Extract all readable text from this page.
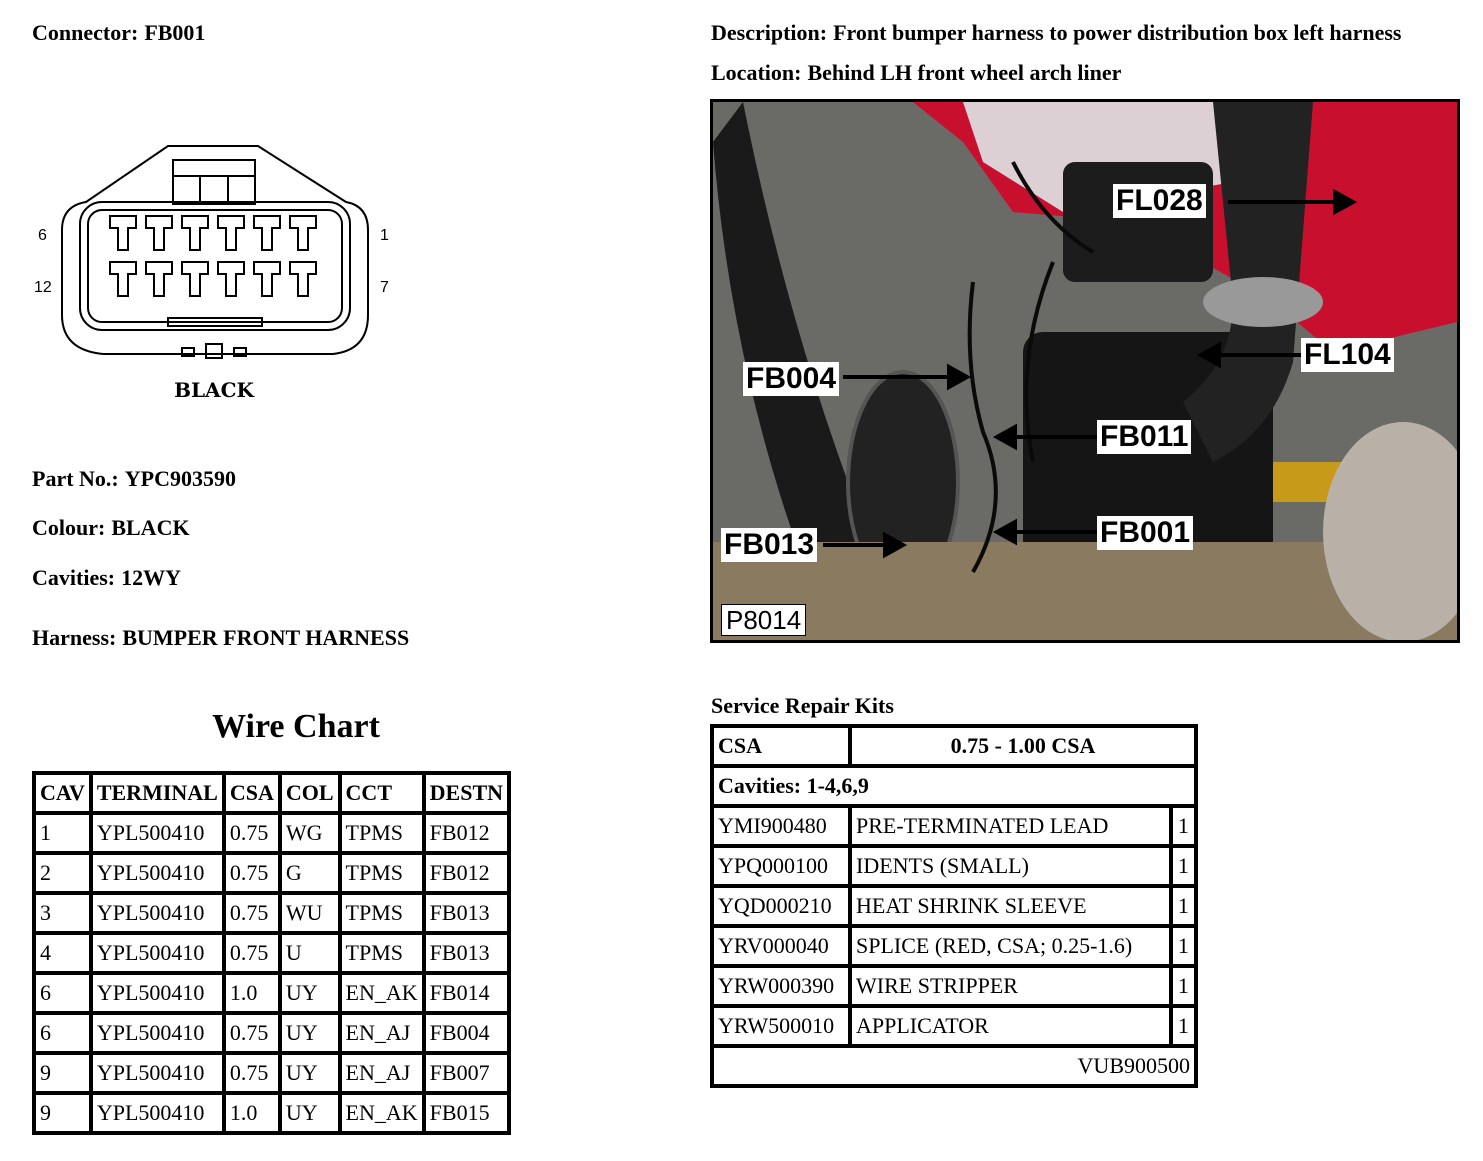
Connector: FB001	Description: Front bumper harness to power distribution box left harness
Location: Behind LH front wheel arch liner
6
12
1
7
BLACK
Part No.: YPC903590
Colour: BLACK
Cavities: 12WY
Harness: BUMPER FRONT HARNESS
FL028
FL104
FB004
FB011
FB013	FB001
P8014
Wire Chart
CAV	TERMINAL	CSA	COL	CCT	DESTN
1	YPL500410	0.75	WG	TPMS	FB012
2	YPL500410	0.75	G	TPMS	FB012
3	YPL500410	0.75	WU	TPMS	FB013
4	YPL500410	0.75	U	TPMS	FB013
6	YPL500410	1.0	UY	EN_AK	FB014
6	YPL500410	0.75	UY	EN_AJ	FB004
9	YPL500410	0.75	UY	EN_AJ	FB007
9	YPL500410	1.0	UY	EN_AK	FB015
Service Repair Kits
CSA	0.75 - 1.00 CSA	
Cavities: 1-4,6,9		
YMI900480	PRE-TERMINATED LEAD	1
YPQ000100	IDENTS (SMALL)	1
YQD000210	HEAT SHRINK SLEEVE	1
YRV000040	SPLICE (RED, CSA; 0.25-1.6)	1
YRW000390	WIRE STRIPPER	1
YRW500010	APPLICATOR	1
VUB900500		
